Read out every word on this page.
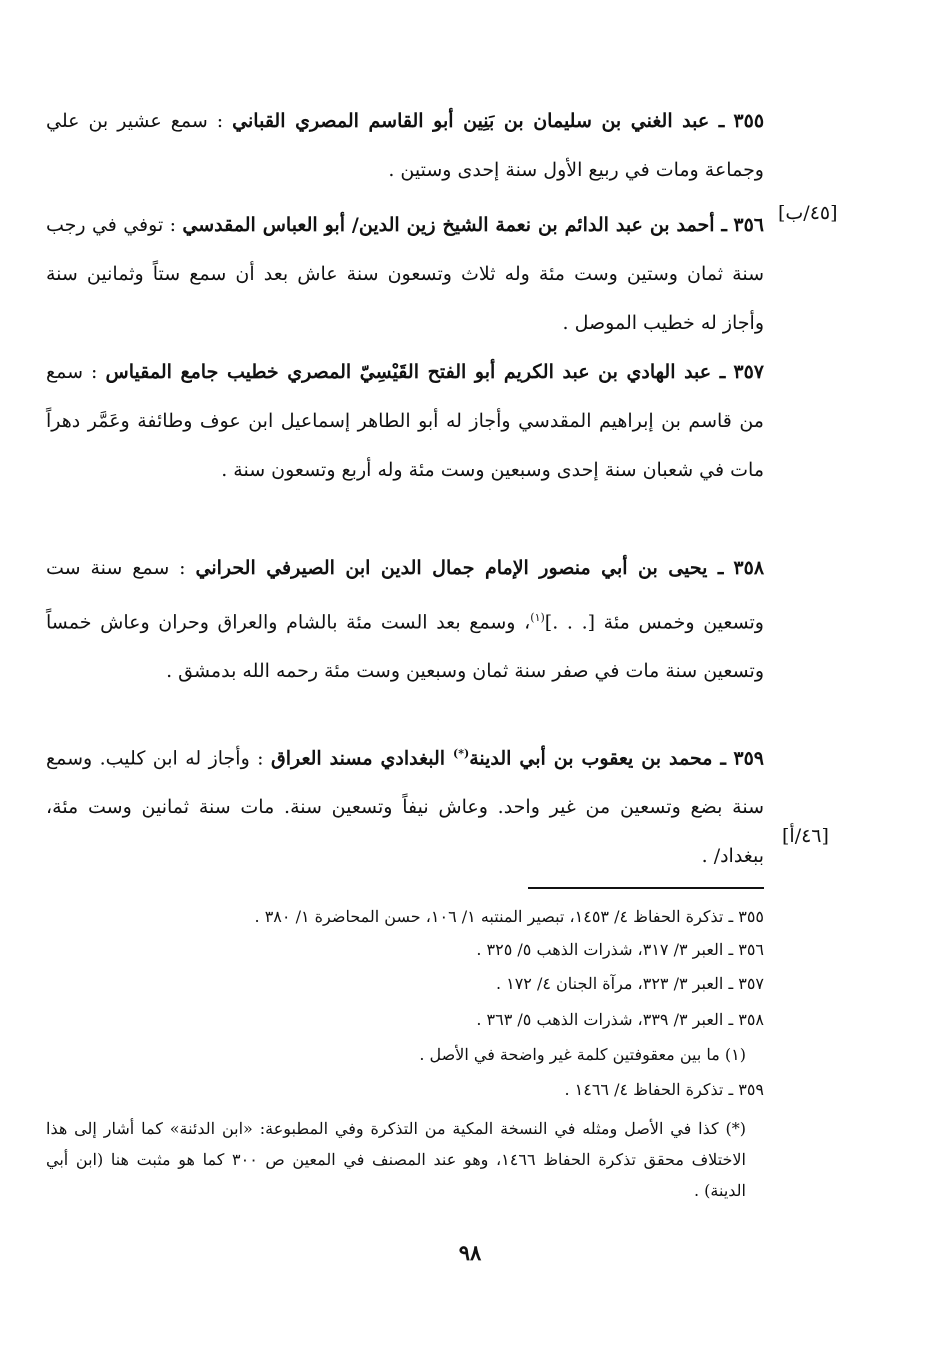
٣٥٥ ـ عبد الغني بن سليمان بن بَنِين أبو القاسم المصري القباني : سمع عشير بن علي وجماعة ومات في ربيع الأول سنة إحدى وستين .

[٤٥/ب]

٣٥٦ ـ أحمد بن عبد الدائم بن نعمة الشيخ زين الدين/ أبو العباس المقدسي : توفي في رجب سنة ثمان وستين وست مئة وله ثلاث وتسعون سنة عاش بعد أن سمع ستاً وثمانين سنة وأجاز له خطيب الموصل .

٣٥٧ ـ عبد الهادي بن عبد الكريم أبو الفتح القَيْسِيّ المصري خطيب جامع المقياس : سمع من قاسم بن إبراهيم المقدسي وأجاز له أبو الطاهر إسماعيل ابن عوف وطائفة وعَمَّر دهراً مات في شعبان سنة إحدى وسبعين وست مئة وله أربع وتسعون سنة .

٣٥٨ ـ يحيى بن أبي منصور الإمام جمال الدين ابن الصيرفي الحراني : سمع سنة ست وتسعين وخمس مئة [. . .]$^{(١)}$، وسمع بعد الست مئة بالشام والعراق وحران وعاش خمساً وتسعين سنة مات في صفر سنة ثمان وسبعين وست مئة رحمه الله بدمشق .

٣٥٩ ـ محمد بن يعقوب بن أبي الدينة(*) البغدادي مسند العراق : وأجاز له ابن كليب. وسمع سنة بضع وتسعين من غير واحد. وعاش نيفاً وتسعين سنة. مات سنة ثمانين وست مئة، ببغداد/ .

[٤٦/أ]
٣٥٥ ـ تذكرة الحفاظ ٤/ ١٤٥٣، تبصير المنتبه ١/ ١٠٦، حسن المحاضرة ١/ ٣٨٠ .
٣٥٦ ـ العبر ٣/ ٣١٧، شذرات الذهب ٥/ ٣٢٥ .
٣٥٧ ـ العبر ٣/ ٣٢٣، مرآة الجنان ٤/ ١٧٢ .
٣٥٨ ـ العبر ٣/ ٣٣٩، شذرات الذهب ٥/ ٣٦٣ .
(١) ما بين معقوفتين كلمة غير واضحة في الأصل .
٣٥٩ ـ تذكرة الحفاظ ٤/ ١٤٦٦ .
(*) كذا في الأصل ومثله في النسخة المكية من التذكرة وفي المطبوعة: «ابن الدئنة» كما أشار إلى هذا الاختلاف محقق تذكرة الحفاظ ١٤٦٦، وهو عند المصنف في المعين ص ٣٠٠ كما هو مثبت هنا (ابن أبي الدينة) .
٩٨
